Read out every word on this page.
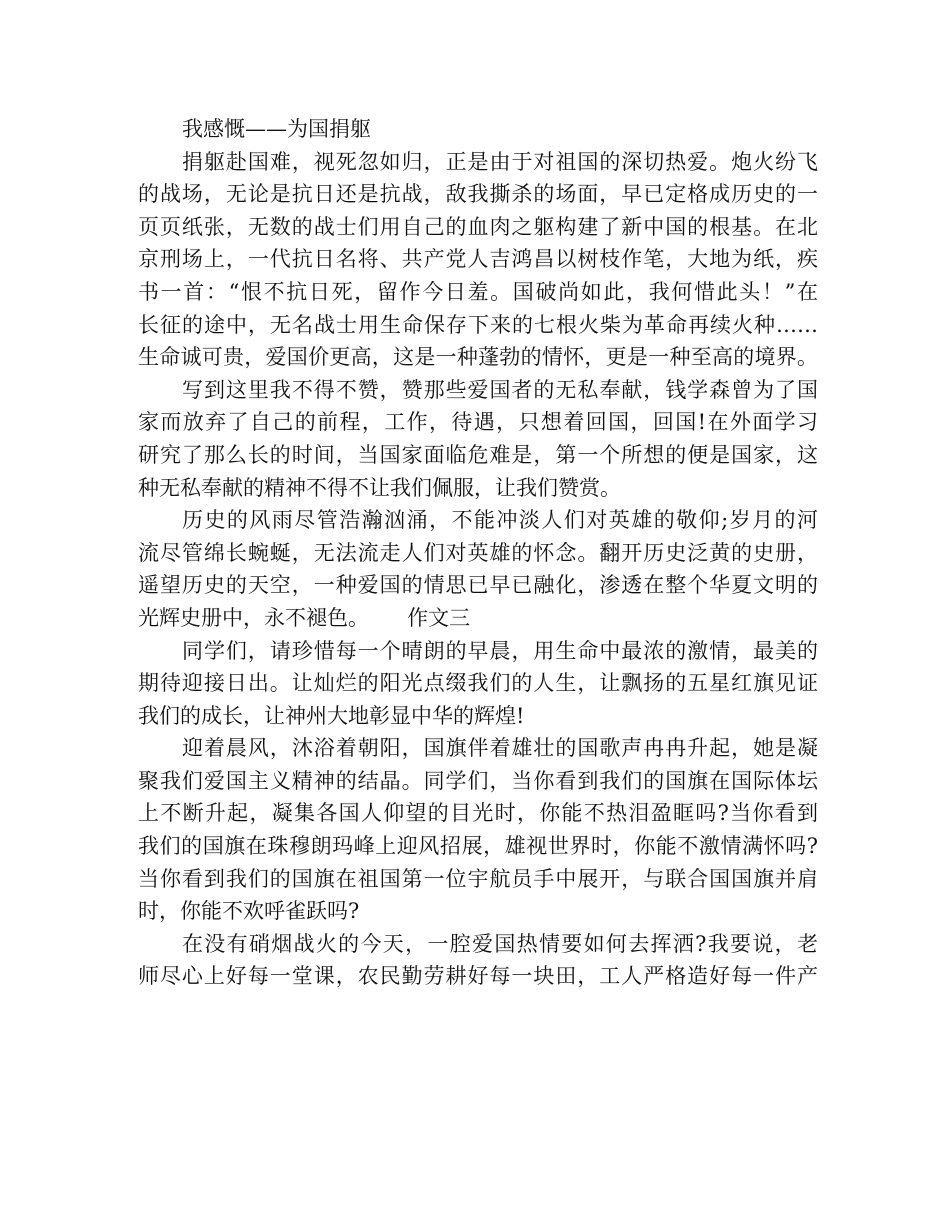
我感慨——为国捐躯
捐躯赴国难，视死忽如归，正是由于对祖国的深切热爱。炮火纷飞
的战场，无论是抗日还是抗战，敌我撕杀的场面，早已定格成历史的一
页页纸张，无数的战士们用自己的血肉之躯构建了新中国的根基。在北
京刑场上，一代抗日名将、共产党人吉鸿昌以树枝作笔，大地为纸，疾
书一首：“恨不抗日死，留作今日羞。国破尚如此，我何惜此头！”在
长征的途中，无名战士用生命保存下来的七根火柴为革命再续火种……
生命诚可贵，爱国价更高，这是一种蓬勃的情怀，更是一种至高的境界。
写到这里我不得不赞，赞那些爱国者的无私奉献，钱学森曾为了国
家而放弃了自己的前程，工作，待遇，只想着回国，回国!在外面学习
研究了那么长的时间，当国家面临危难是，第一个所想的便是国家，这
种无私奉献的精神不得不让我们佩服，让我们赞赏。
历史的风雨尽管浩瀚汹涌，不能冲淡人们对英雄的敬仰;岁月的河
流尽管绵长蜿蜒，无法流走人们对英雄的怀念。翻开历史泛黄的史册，
遥望历史的天空，一种爱国的情思已早已融化，渗透在整个华夏文明的
光辉史册中，永不褪色。　　 作文三
同学们，请珍惜每一个晴朗的早晨，用生命中最浓的激情，最美的
期待迎接日出。让灿烂的阳光点缀我们的人生，让飘扬的五星红旗见证
我们的成长，让神州大地彰显中华的辉煌!
迎着晨风，沐浴着朝阳，国旗伴着雄壮的国歌声冉冉升起，她是凝
聚我们爱国主义精神的结晶。同学们，当你看到我们的国旗在国际体坛
上不断升起，凝集各国人仰望的目光时，你能不热泪盈眶吗?当你看到
我们的国旗在珠穆朗玛峰上迎风招展，雄视世界时，你能不激情满怀吗?
当你看到我们的国旗在祖国第一位宇航员手中展开，与联合国国旗并肩
时，你能不欢呼雀跃吗?
在没有硝烟战火的今天，一腔爱国热情要如何去挥洒?我要说，老
师尽心上好每一堂课，农民勤劳耕好每一块田，工人严格造好每一件产
